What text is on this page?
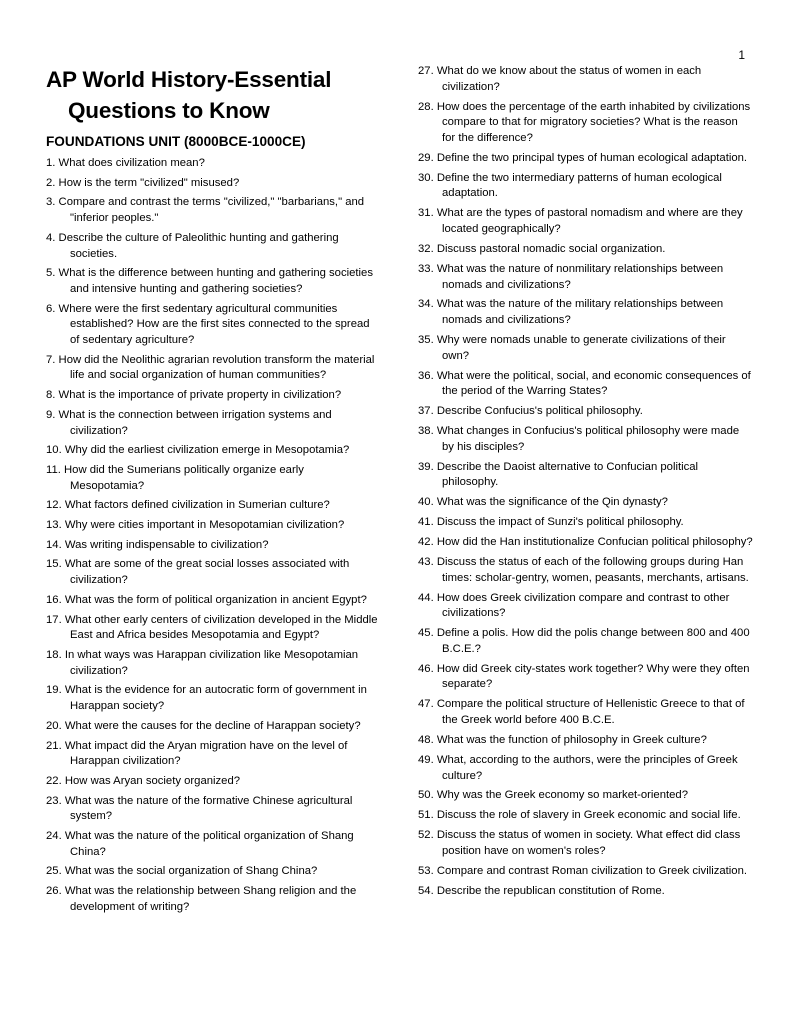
1
AP World History-Essential
Questions to Know
FOUNDATIONS UNIT (8000BCE-1000CE)
1. What does civilization mean?
2. How is the term "civilized" misused?
3. Compare and contrast the terms "civilized," "barbarians," and "inferior peoples."
4. Describe the culture of Paleolithic hunting and gathering societies.
5. What is the difference between hunting and gathering societies and intensive hunting and gathering societies?
6. Where were the first sedentary agricultural communities established? How are the first sites connected to the spread of sedentary agriculture?
7. How did the Neolithic agrarian revolution transform the material life and social organization of human communities?
8. What is the importance of private property in civilization?
9. What is the connection between irrigation systems and civilization?
10. Why did the earliest civilization emerge in Mesopotamia?
11. How did the Sumerians politically organize early Mesopotamia?
12. What factors defined civilization in Sumerian culture?
13. Why were cities important in Mesopotamian civilization?
14. Was writing indispensable to civilization?
15. What are some of the great social losses associated with civilization?
16. What was the form of political organization in ancient Egypt?
17. What other early centers of civilization developed in the Middle East and Africa besides Mesopotamia and Egypt?
18. In what ways was Harappan civilization like Mesopotamian civilization?
19. What is the evidence for an autocratic form of government in Harappan society?
20. What were the causes for the decline of Harappan society?
21. What impact did the Aryan migration have on the level of Harappan civilization?
22. How was Aryan society organized?
23. What was the nature of the formative Chinese agricultural system?
24. What was the nature of the political organization of Shang China?
25. What was the social organization of Shang China?
26. What was the relationship between Shang religion and the development of writing?
27. What do we know about the status of women in each civilization?
28. How does the percentage of the earth inhabited by civilizations compare to that for migratory societies? What is the reason for the difference?
29. Define the two principal types of human ecological adaptation.
30. Define the two intermediary patterns of human ecological adaptation.
31. What are the types of pastoral nomadism and where are they located geographically?
32. Discuss pastoral nomadic social organization.
33. What was the nature of nonmilitary relationships between nomads and civilizations?
34. What was the nature of the military relationships between nomads and civilizations?
35. Why were nomads unable to generate civilizations of their own?
36. What were the political, social, and economic consequences of the period of the Warring States?
37. Describe Confucius's political philosophy.
38. What changes in Confucius's political philosophy were made by his disciples?
39. Describe the Daoist alternative to Confucian political philosophy.
40. What was the significance of the Qin dynasty?
41. Discuss the impact of Sunzi's political philosophy.
42. How did the Han institutionalize Confucian political philosophy?
43. Discuss the status of each of the following groups during Han times: scholar-gentry, women, peasants, merchants, artisans.
44. How does Greek civilization compare and contrast to other civilizations?
45. Define a polis. How did the polis change between 800 and 400 B.C.E.?
46. How did Greek city-states work together? Why were they often separate?
47. Compare the political structure of Hellenistic Greece to that of the Greek world before 400 B.C.E.
48. What was the function of philosophy in Greek culture?
49. What, according to the authors, were the principles of Greek culture?
50. Why was the Greek economy so market-oriented?
51. Discuss the role of slavery in Greek economic and social life.
52. Discuss the status of women in society. What effect did class position have on women's roles?
53. Compare and contrast Roman civilization to Greek civilization.
54. Describe the republican constitution of Rome.
